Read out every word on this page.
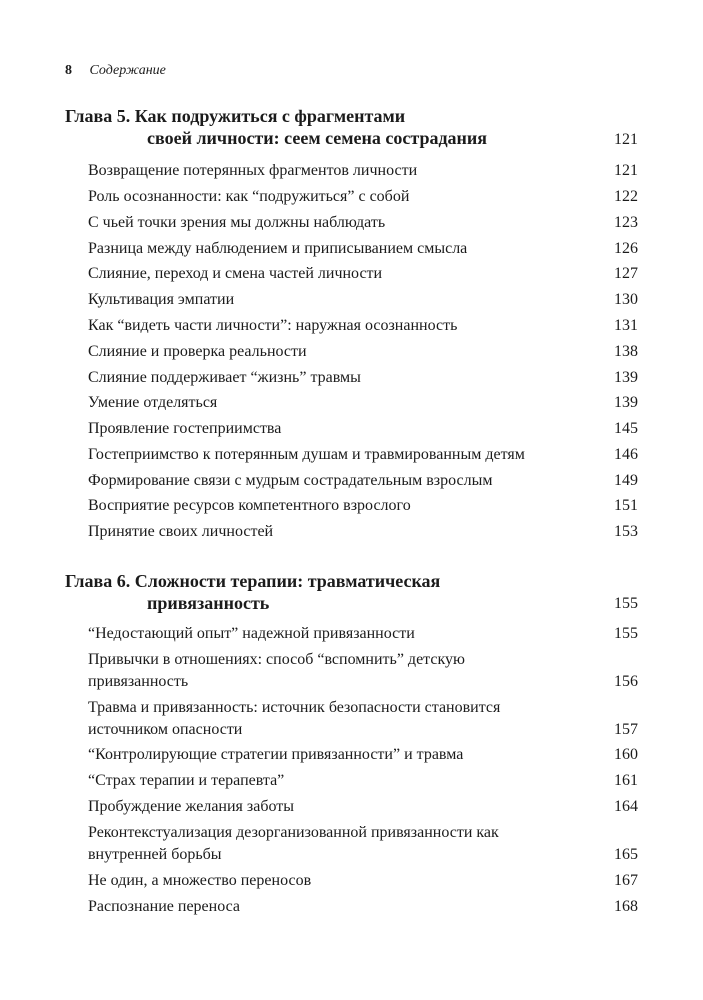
8 Содержание
Глава 5. Как подружиться с фрагментами
своей личности: сеем семена сострадания	121
Возвращение потерянных фрагментов личности	121
Роль осознанности: как “подружиться” с собой	122
С чьей точки зрения мы должны наблюдать	123
Разница между наблюдением и приписыванием смысла	126
Слияние, переход и смена частей личности	127
Культивация эмпатии	130
Как “видеть части личности”: наружная осознанность	131
Слияние и проверка реальности	138
Слияние поддерживает “жизнь” травмы	139
Умение отделяться	139
Проявление гостеприимства	145
Гостеприимство к потерянным душам и травмированным детям	146
Формирование связи с мудрым сострадательным взрослым	149
Восприятие ресурсов компетентного взрослого	151
Принятие своих личностей	153
Глава 6. Сложности терапии: травматическая
привязанность	155
“Недостающий опыт” надежной привязанности	155
Привычки в отношениях: способ “вспомнить” детскую привязанность	156
Травма и привязанность: источник безопасности становится источником опасности	157
“Контролирующие стратегии привязанности” и травма	160
“Страх терапии и терапевта”	161
Пробуждение желания заботы	164
Реконтекстуализация дезорганизованной привязанности как внутренней борьбы	165
Не один, а множество переносов	167
Распознание переноса	168
